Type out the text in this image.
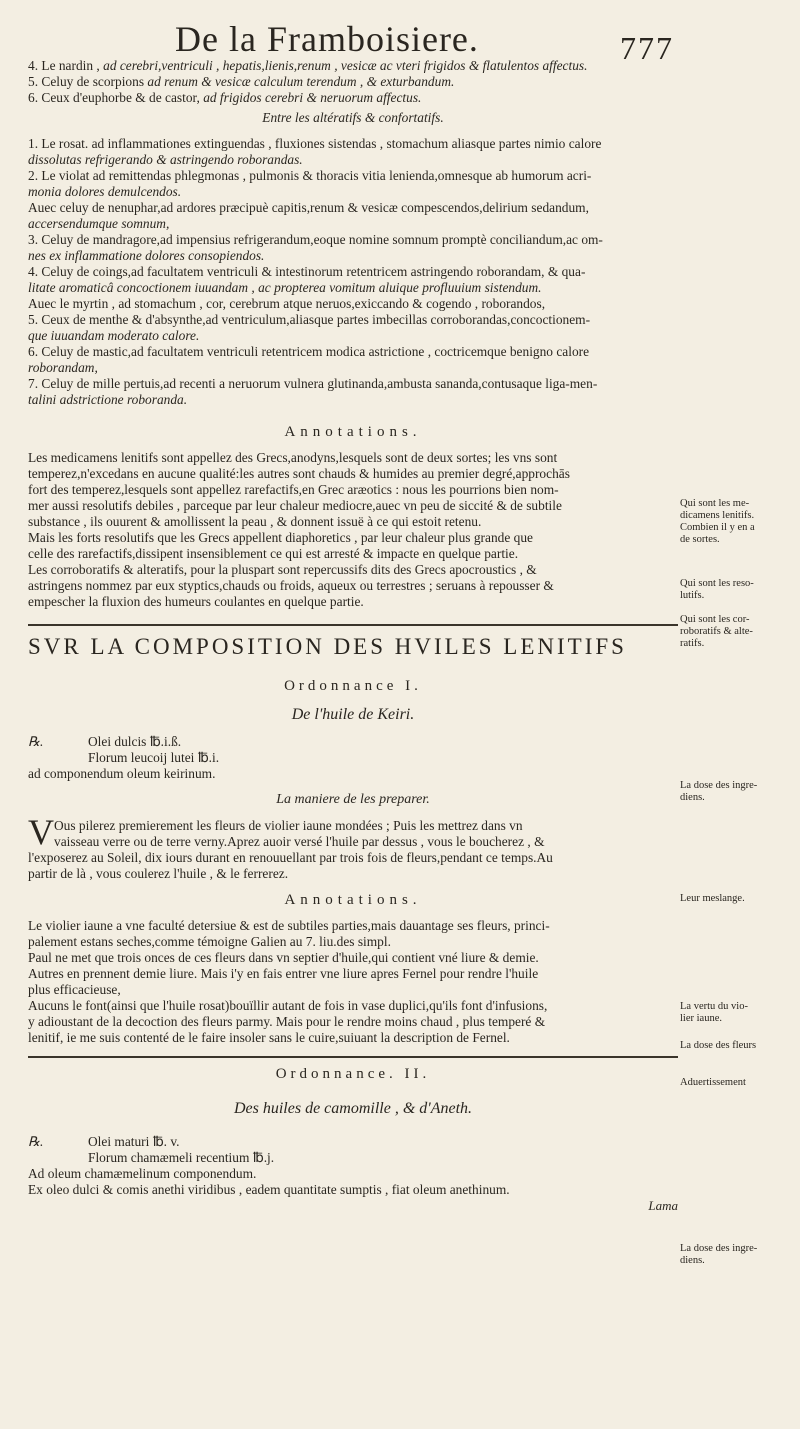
De la Framboisiere.	777
4. Le nardin , ad cerebri,ventriculi , hepatis,lienis,renum , vesicæ ac vteri frigidos & flatulentos affectus.
5. Celuy de scorpions ad renum & vesicæ calculum terendum , & exturbandum.
6. Ceux d'euphorbe & de castor, ad frigidos cerebri & neruorum affectus.
Entre les altératifs & confortatifs.
1. Le rosat. ad inflammationes extinguendas , fluxiones sistendas , stomachum aliasque partes nimio calore
dissolutas refrigerando & astringendo roborandas.
2. Le violat ad remittendas phlegmonas , pulmonis & thoracis vitia lenienda,omnesque ab humorum acri-
monia dolores demulcendos.
Auec celuy de nenuphar,ad ardores præcipuè capitis,renum & vesicæ compescendos,delirium sedandum,
accersendumque somnum,
3. Celuy de mandragore,ad impensius refrigerandum,eoque nomine somnum promptè conciliandum,ac om-
nes ex inflammatione dolores consopiendos.
4. Celuy de coings,ad facultatem ventriculi & intestinorum retentricem astringendo roborandam, & qua-
litate aromaticâ concoctionem iuuandam , ac propterea vomitum aluique profluuium sistendum.
Auec le myrtin , ad stomachum , cor, cerebrum atque neruos,exiccando & cogendo , roborandos,
5. Ceux de menthe & d'absynthe,ad ventriculum,aliasque partes imbecillas corroborandas,concoctionem-
que iuuandam moderato calore.
6. Celuy de mastic,ad facultatem ventriculi retentricem modica astrictione , coctricemque benigno calore
roborandam,
7. Celuy de mille pertuis,ad recenti a neruorum vulnera glutinanda,ambusta sananda,contusaque liga-men-
talini adstrictione roboranda.
Annotations.
Les medicamens lenitifs sont appellez des Grecs,anodyns,lesquels sont de deux sortes; les vns sont
temperez,n'excedans en aucune qualité:les autres sont chauds & humides au premier degré,approchās
fort des temperez,lesquels sont appellez rarefactifs,en Grec aræotics : nous les pourrions bien nom-
mer aussi resolutifs debiles , parceque par leur chaleur mediocre,auec vn peu de siccité & de subtile
substance , ils ouurent & amollissent la peau , & donnent issuë à ce qui estoit retenu.
Mais les forts resolutifs que les Grecs appellent diaphoretics , par leur chaleur plus grande que
celle des rarefactifs,dissipent insensiblement ce qui est arresté & impacte en quelque partie.
Les corroboratifs & alteratifs, pour la pluspart sont repercussifs dits des Grecs apocroustics , &
astringens nommez par eux styptics,chauds ou froids, aqueux ou terrestres ; seruans à repousser &
empescher la fluxion des humeurs coulantes en quelque partie.
SVR LA COMPOSITION DES HVILES LENITIFS
Ordonnance I.
De l'huile de Keiri.
℞.	Olei dulcis ℔.i.ß.
Florum leucoij lutei ℔.i.
ad componendum oleum keirinum.
La maniere de les preparer.
V Ous pilerez premierement les fleurs de violier iaune mondées ; Puis les mettrez dans vn
vaisseau verre ou de terre verny.Aprez auoir versé l'huile par dessus , vous le boucherez , &
l'exposerez au Soleil, dix iours durant en renouuellant par trois fois de fleurs,pendant ce temps.Au
partir de là , vous coulerez l'huile , & le ferrerez.
Annotations.
Le violier iaune a vne faculté detersiue & est de subtiles parties,mais dauantage ses fleurs, princi-
palement estans seches,comme témoigne Galien au 7. liu.des simpl.
Paul ne met que trois onces de ces fleurs dans vn septier d'huile,qui contient vné liure & demie.
Autres en prennent demie liure. Mais i'y en fais entrer vne liure apres Fernel pour rendre l'huile
plus efficacieuse,
Aucuns le font(ainsi que l'huile rosat)bouïllir autant de fois in vase duplici,qu'ils font d'infusions,
y adioustant de la decoction des fleurs parmy. Mais pour le rendre moins chaud , plus temperé &
lenitif, ie me suis contenté de le faire insoler sans le cuire,suiuant la description de Fernel.
Ordonnance. II.
Des huiles de camomille , & d'Aneth.
℞.	Olei maturi ℔. v.
Florum chamæmeli recentium ℔.j.
Ad oleum chamæmelinum componendum.
Ex oleo dulci & comis anethi viridibus , eadem quantitate sumptis , fiat oleum anethinum.
Lama
Qui sont les me-
dicamens lenitifs.
Combien il y en a
de sortes.
Qui sont les reso-
lutifs.
Qui sont les cor-
roboratifs & alte-
ratifs.
La dose des ingre-
diens.
Leur meslange.
La vertu du vio-
lier iaune.
La dose des fleurs
Aduertissement
La dose des ingre-
diens.
